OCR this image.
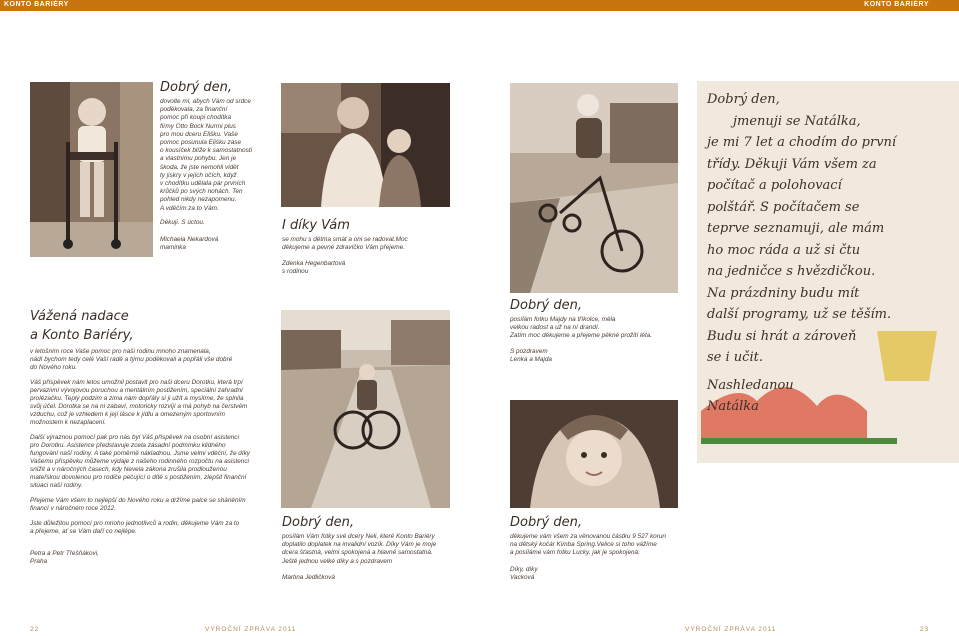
KONTO BARIÉRY	KONTO BARIÉRY
Dobrý den,
dovolte mi, abych Vám od srdce
poděkovala, za finanční
pomoc při koupi chodítka
firmy Otto Bock Nurmi plus
pro mou dceru Elišku. Vaše
pomoc posunula Elišku zase
o kousíček blíže k samostatnosti
a vlastnímu pohybu. Jen je
škoda, že jste nemohli vidět
ty jiskry v jejích očích, když
v chodítku udělala pár prvních
krůčků po svých nohách. Ten
pohled nikdy nezapomenu.
A vděčím za to Vám.
Děkuji. S úctou.
Michaela Nekardová
maminka
I díky Vám
se mohu s dětma smát a oni se radovat.Moc
děkujeme a pevné zdravíčko Vám přejeme.
Zdenka Hegenbartová
s rodinou
Dobrý den,
jmenuji se Natálka,
je mi 7 let a chodím do první
třídy. Děkuji Vám všem za
počítač a polohovací
polštář. S počítačem se
teprve seznamuji, ale mám
ho moc ráda a už si čtu
na jedničce s hvězdičkou.
Na prázdniny budu mít
další programy, už se těším.
Budu si hrát a zároveň
se i učit.
Nashledanou
Natálka
Vážená nadace
a Konto Bariéry,
v letošním roce Vaše pomoc pro naši rodinu mnoho znamenala,
nádí bychom tedy celé Vaší radě a týmu poděkovali a popřáli vše dobré
do Nového roku.
Váš příspěvek nám letos umožnil postavit pro naši dceru Dorotku, která trpí
pervazivní vývojovou poruchou a mentálním postižením, speciální zahradní
prolézačku. Teplý podzim a zima nám dopřály si ji užít a myslíme, že splnila
svůj účel. Dorotka se na ní zabaví, motoricky rozvíjí a má pohyb na čerstvém
vzduchu, což je vzhledem k její lásce k jídlu a omezeným sportovním
možnostem k nezaplacení.
Další výraznou pomocí pak pro nás byl Váš příspěvek na osobní asistenci
pro Dorotku. Asistence představuje zcela zásadní podmínku klidného
fungování naší rodiny. A také poměrně nákladnou. Jsme velmi vděční, že díky
Vašemu příspěvku můžeme výdaje z našeho rodinného rozpočtu na asistenci
snížit a v náročných časech, kdy Nevela zákona zrušila prodlouženou
mateřskou dovolenou pro rodiče pečující o dítě s postižením, zlepšit finanční
situaci naší rodiny.
Přejeme Vám všem to nejlepší do Nového roku a držíme palce se sháněním
financí v náročném roce 2012.
Jste důležitou pomocí pro mnoho jednotlivců a rodin, děkujeme Vám za to
a přejeme, ať se Vám daří co nejlépe.
Petra a Petr Třešňákovi,
Praha
Dobrý den,
posílám Vám fotky své dcery Neli, které Konto Bariéry
doplatilo doplatek na invalidní vozík. Díky Vám je moje
dcera šťastná, velmi spokojená a hlavně samostatná.
Ještě jednou velké díky a s pozdravem
Martina Jedličková
Dobrý den,
posílám fotku Majdy na tříkolce, měla
velkou radost a už na ní drandí.
Zatím moc děkujeme a přejeme pěkné prožití léta.
S pozdravem
Lenka a Majda
Dobrý den,
děkujeme vám všem za věnovanou částku 9 527 korun
na dětský kočár Kimba Spring.Velice si toho vážíme
a posíláme vám fotku Lucky, jak je spokojená.
Díky, díky
Vacková
22	VÝROČNÍ ZPRÁVA 2011	VÝROČNÍ ZPRÁVA 2011	23
